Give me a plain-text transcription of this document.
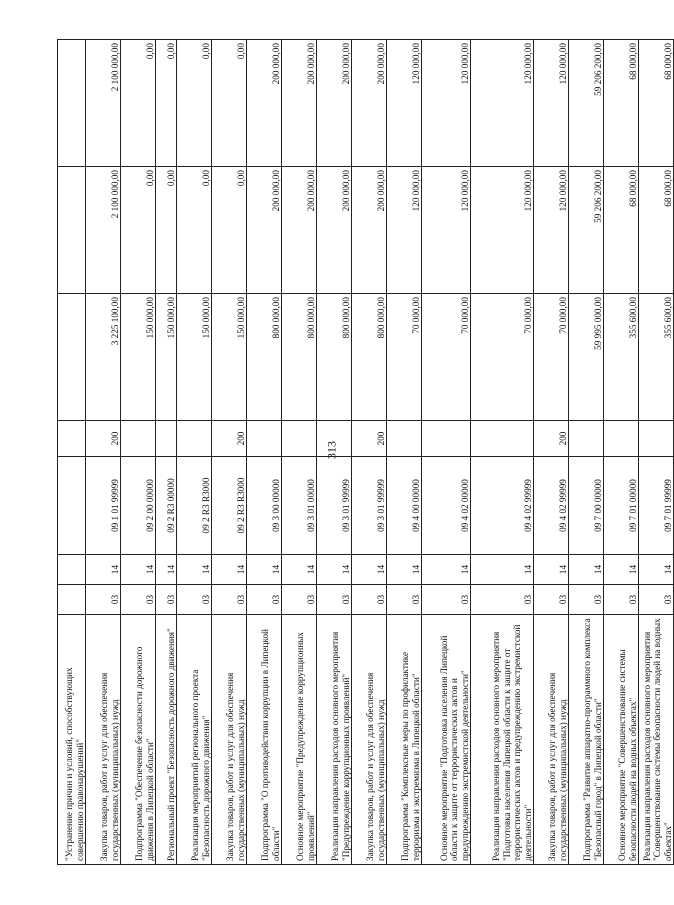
313
"Устранение причин и условий, способствующих совершению правонарушений"							
Закупка товаров, работ и услуг для обеспечения государственных (муниципальных) нужд	03	14	09 1 01 99999	200	3 225 100,00	2 100 000,00	2 100 000,00
Подпрограмма "Обеспечение безопасности дорожного движения в Липецкой области"	03	14	09 2 00 00000		150 000,00	0,00	0,00
Региональный проект "Безопасность дорожного движения"	03	14	09 2 R3 00000		150 000,00	0,00	0,00
Реализация мероприятий регионального проекта "Безопасность дорожного движения"	03	14	09 2 R3 R3000		150 000,00	0,00	0,00
Закупка товаров, работ и услуг для обеспечения государственных (муниципальных) нужд	03	14	09 2 R3 R3000	200	150 000,00	0,00	0,00
Подпрограмма "О противодействии коррупции в Липецкой области"	03	14	09 3 00 00000		800 000,00	200 000,00	200 000,00
Основное мероприятие "Предупреждение коррупционных проявлений"	03	14	09 3 01 00000		800 000,00	200 000,00	200 000,00
Реализация направления расходов основного мероприятия "Предупреждение коррупционных проявлений"	03	14	09 3 01 99999		800 000,00	200 000,00	200 000,00
Закупка товаров, работ и услуг для обеспечения государственных (муниципальных) нужд	03	14	09 3 01 99999	200	800 000,00	200 000,00	200 000,00
Подпрограмма "Комплексные меры по профилактике терроризма и экстремизма в Липецкой области"	03	14	09 4 00 00000		70 000,00	120 000,00	120 000,00
Основное мероприятие "Подготовка населения Липецкой области к защите от террористических актов и предупреждению экстремистской деятельности"	03	14	09 4 02 00000		70 000,00	120 000,00	120 000,00
Реализация направления расходов основного мероприятия "Подготовка населения Липецкой области к защите от террористических актов и предупреждению экстремистской деятельности"	03	14	09 4 02 99999		70 000,00	120 000,00	120 000,00
Закупка товаров, работ и услуг для обеспечения государственных (муниципальных) нужд	03	14	09 4 02 99999	200	70 000,00	120 000,00	120 000,00
Подпрограмма "Развитие аппаратно-программного комплекса "Безопасный город" в Липецкой области"	03	14	09 7 00 00000		59 995 000,00	59 206 200,00	59 206 200,00
Основное мероприятие "Совершенствование системы безопасности людей на водных объектах"	03	14	09 7 01 00000		355 600,00	68 000,00	68 000,00
Реализация направления расходов основного мероприятия "Совершенствование системы безопасности людей на водных объектах"	03	14	09 7 01 99999		355 600,00	68 000,00	68 000,00
